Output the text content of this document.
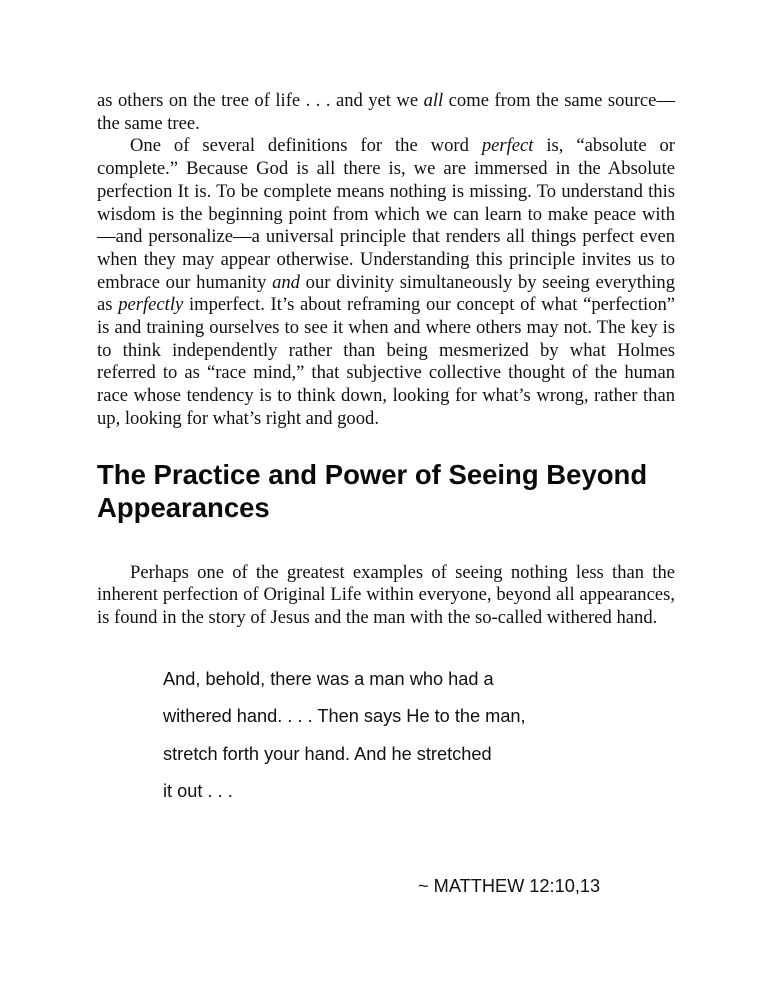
as others on the tree of life . . . and yet we all come from the same source—the same tree.

One of several definitions for the word perfect is, “absolute or complete.” Because God is all there is, we are immersed in the Absolute perfection It is. To be complete means nothing is missing. To understand this wisdom is the beginning point from which we can learn to make peace with—and personalize—a universal principle that renders all things perfect even when they may appear otherwise. Understanding this principle invites us to embrace our humanity and our divinity simultaneously by seeing everything as perfectly imperfect. It’s about reframing our concept of what “perfection” is and training ourselves to see it when and where others may not. The key is to think independently rather than being mesmerized by what Holmes referred to as “race mind,” that subjective collective thought of the human race whose tendency is to think down, looking for what’s wrong, rather than up, looking for what’s right and good.

The Practice and Power of Seeing Beyond Appearances

Perhaps one of the greatest examples of seeing nothing less than the inherent perfection of Original Life within everyone, beyond all appearances, is found in the story of Jesus and the man with the so-called withered hand.

And, behold, there was a man who had a
withered hand. . . . Then says He to the man,
stretch forth your hand. And he stretched
it out . . .
~ MATTHEW 12:10,13
